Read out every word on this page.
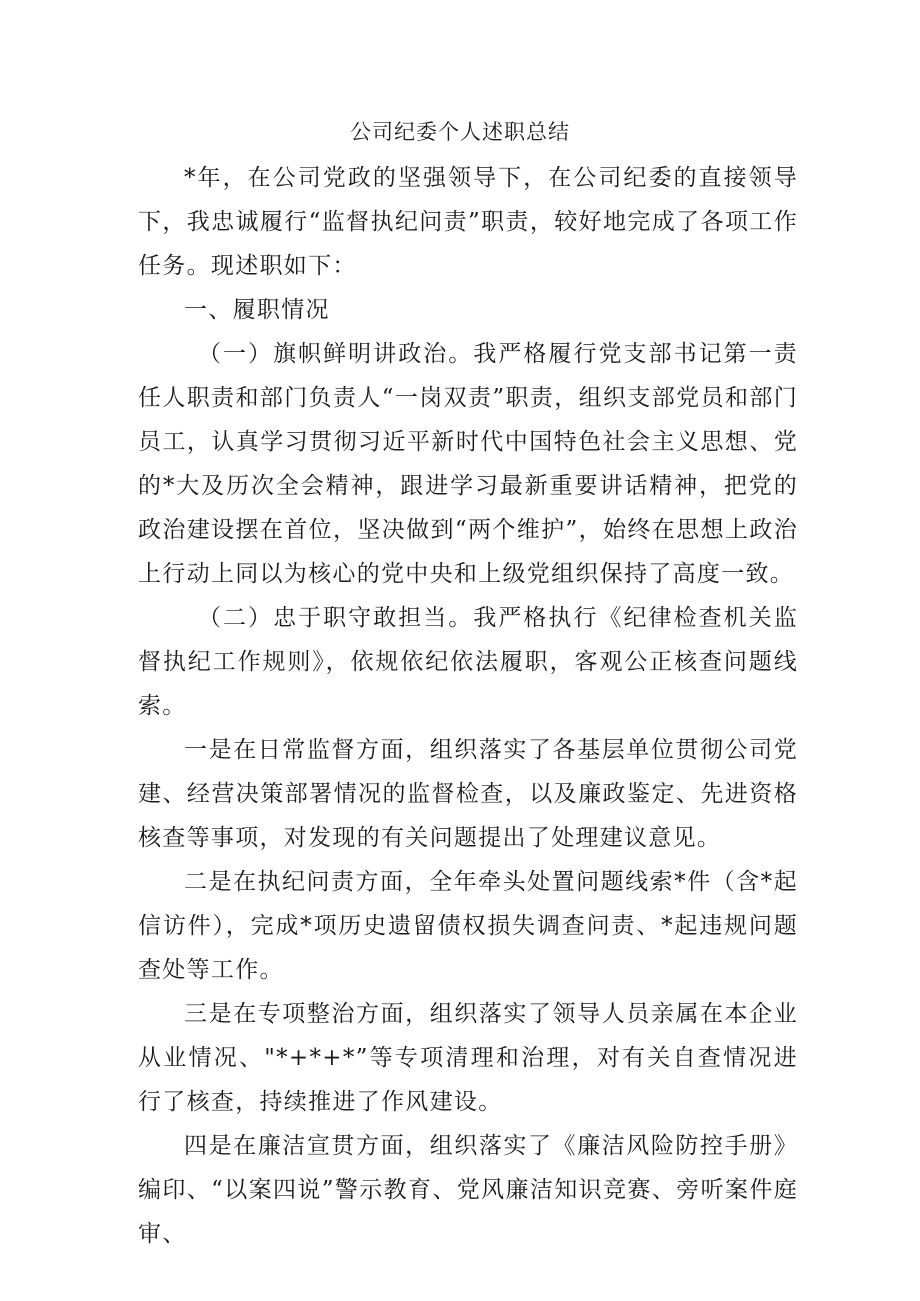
公司纪委个人述职总结

*年，在公司党政的坚强领导下，在公司纪委的直接领导下，我忠诚履行“监督执纪问责”职责，较好地完成了各项工作任务。现述职如下：

一、履职情况

（一）旗帜鲜明讲政治。我严格履行党支部书记第一责任人职责和部门负责人“一岗双责”职责，组织支部党员和部门员工，认真学习贯彻习近平新时代中国特色社会主义思想、党的*大及历次全会精神，跟进学习最新重要讲话精神，把党的政治建设摆在首位，坚决做到“两个维护”，始终在思想上政治上行动上同以为核心的党中央和上级党组织保持了高度一致。

（二）忠于职守敢担当。我严格执行《纪律检查机关监督执纪工作规则》，依规依纪依法履职，客观公正核查问题线索。

一是在日常监督方面，组织落实了各基层单位贯彻公司党建、经营决策部署情况的监督检查，以及廉政鉴定、先进资格核查等事项，对发现的有关问题提出了处理建议意见。

二是在执纪问责方面，全年牵头处置问题线索*件（含*起信访件），完成*项历史遗留债权损失调查问责、*起违规问题查处等工作。

三是在专项整治方面，组织落实了领导人员亲属在本企业从业情况、"*+*+*”等专项清理和治理，对有关自查情况进行了核查，持续推进了作风建设。

四是在廉洁宣贯方面，组织落实了《廉洁风险防控手册》编印、“以案四说”警示教育、党风廉洁知识竞赛、旁听案件庭审、
